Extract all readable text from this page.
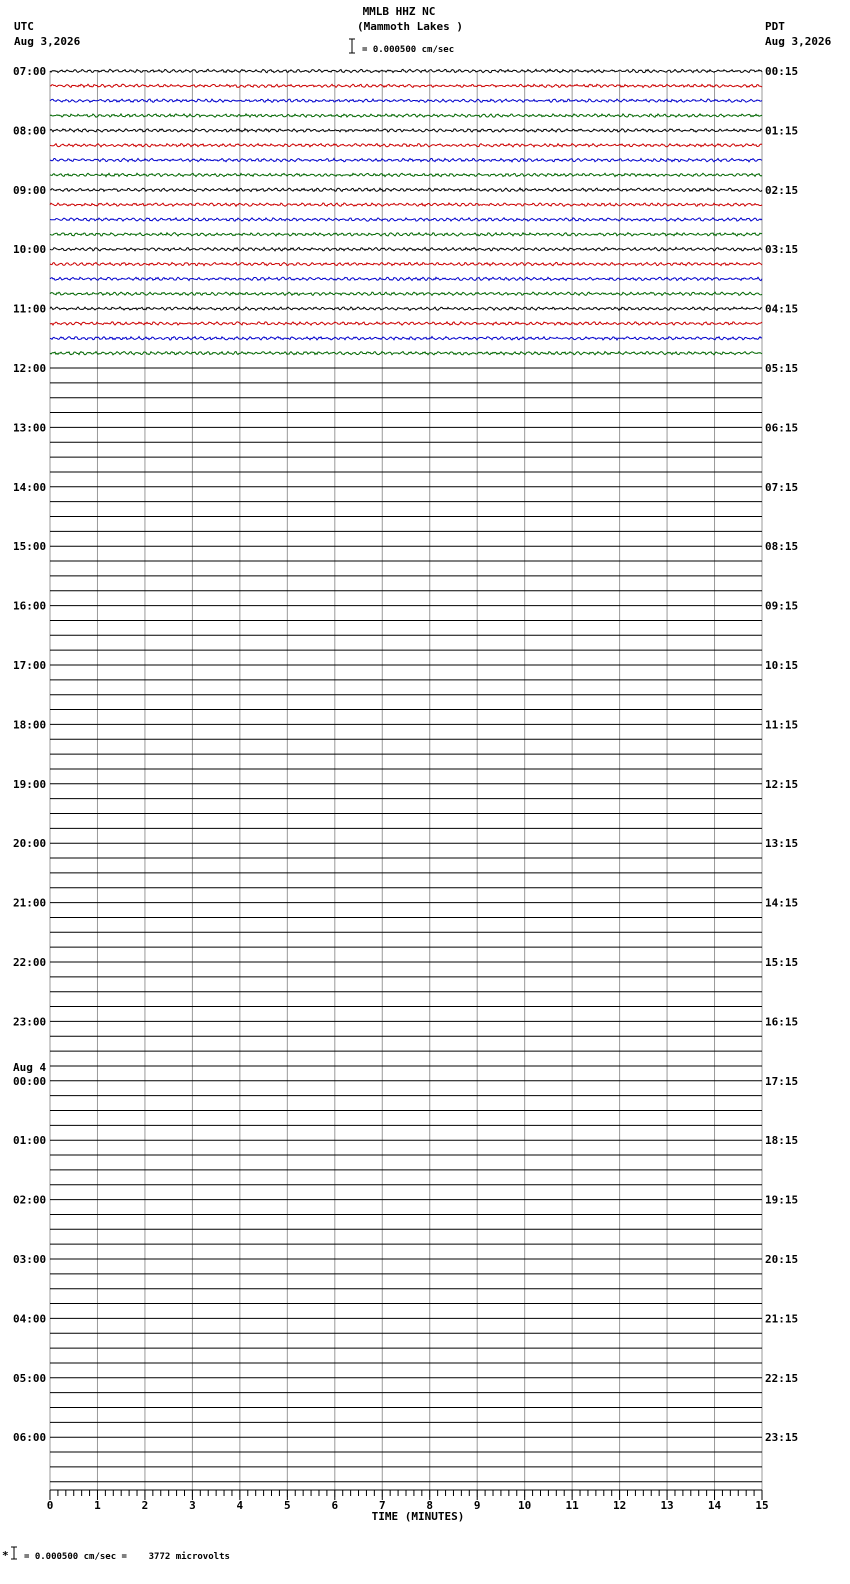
MMLB HHZ NC
(Mammoth Lakes )
= 0.000500 cm/sec
UTC
Aug 3,2026
PDT
Aug 3,2026
= 0.000500 cm/sec =    3772 microvolts
*
07:00
08:00
09:00
10:00
11:00
12:00
13:00
14:00
15:00
16:00
17:00
18:00
19:00
20:00
21:00
22:00
23:00
00:00
Aug 4
01:00
02:00
03:00
04:00
05:00
06:00
00:15
01:15
02:15
03:15
04:15
05:15
06:15
07:15
08:15
09:15
10:15
11:15
12:15
13:15
14:15
15:15
16:15
17:15
18:15
19:15
20:15
21:15
22:15
23:15
0	1	2	3	4	5	6	7	8	9	10	11	12	13	14	15
TIME (MINUTES)
